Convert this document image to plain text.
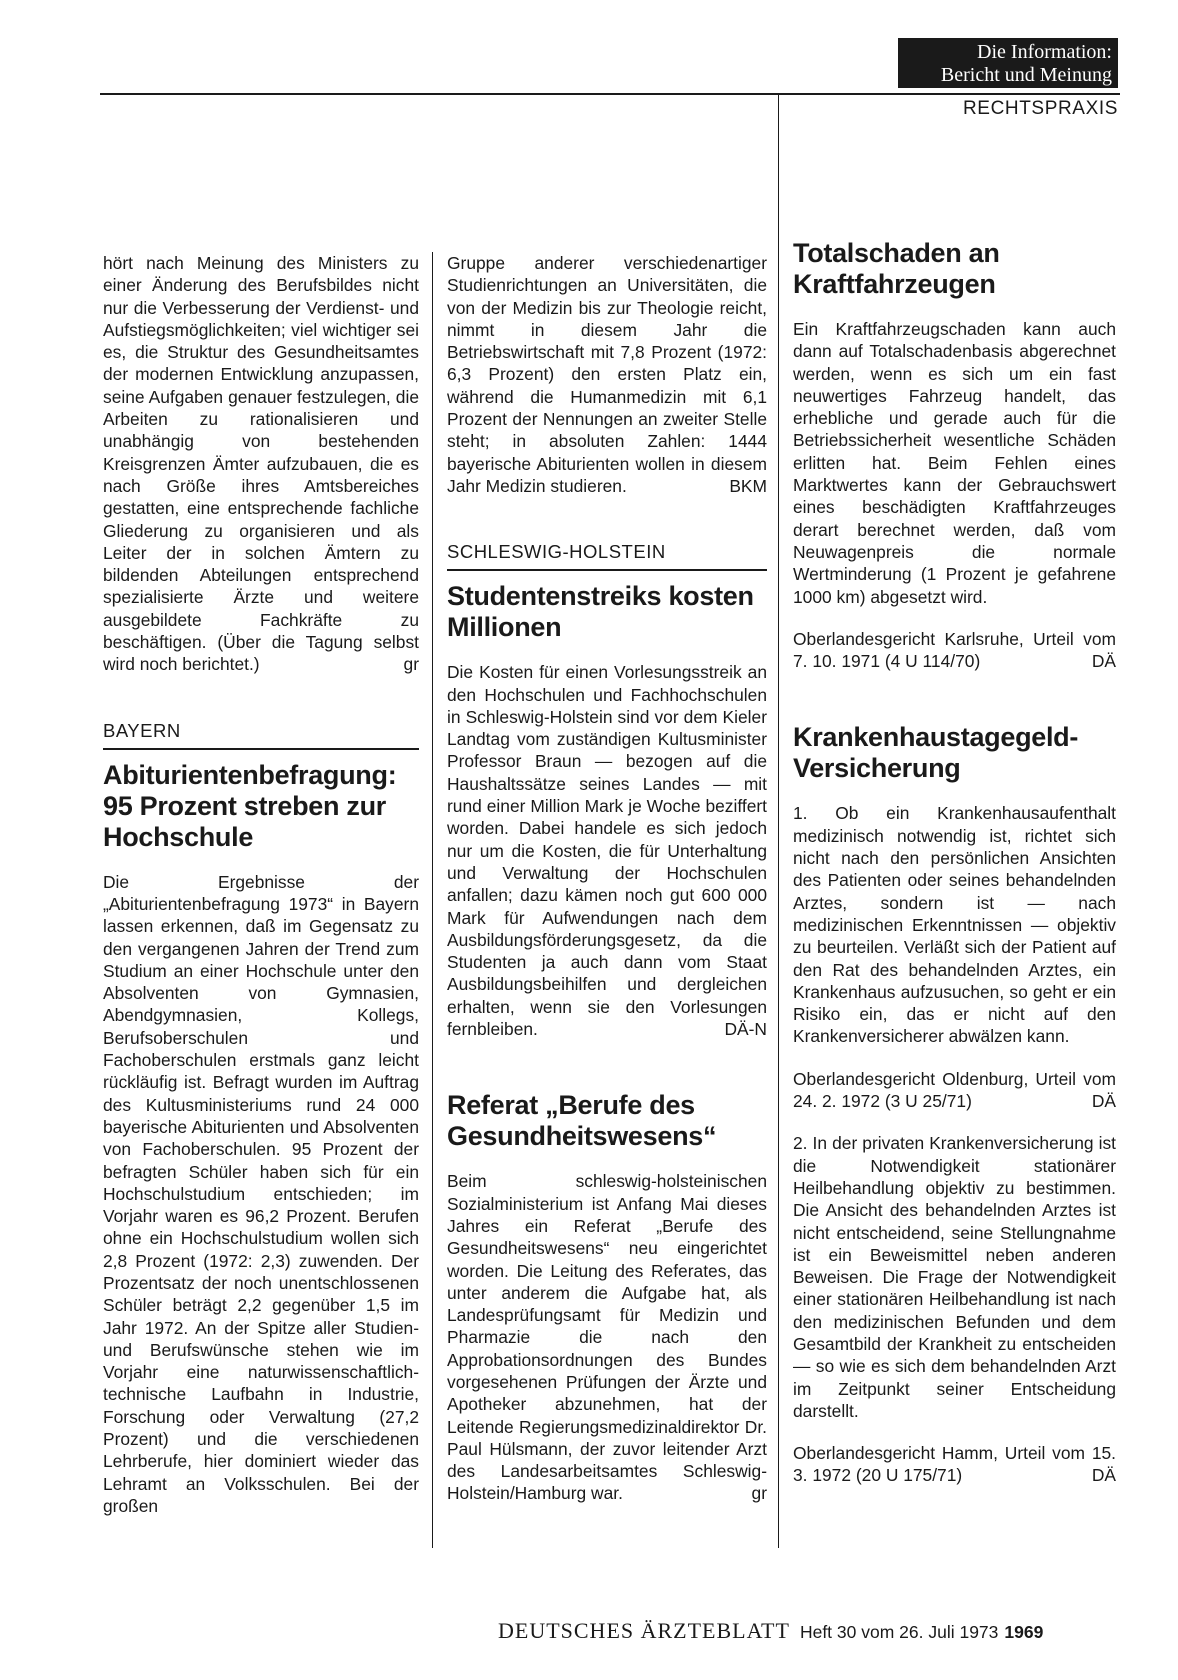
Die Information:
Bericht und Meinung
RECHTSPRAXIS

hört nach Meinung des Ministers zu einer Änderung des Berufsbildes nicht nur die Verbesserung der Verdienst- und Aufstiegsmöglichkeiten; viel wichtiger sei es, die Struktur des Gesundheitsamtes der modernen Entwicklung anzupassen, seine Aufgaben genauer festzulegen, die Arbeiten zu rationalisieren und unabhängig von bestehenden Kreisgrenzen Ämter aufzubauen, die es nach Größe ihres Amtsbereiches gestatten, eine entsprechende fachliche Gliederung zu organisieren und als Leiter der in solchen Ämtern zu bildenden Abteilungen entsprechend spezialisierte Ärzte und weitere ausgebildete Fachkräfte zu beschäftigen. (Über die Tagung selbst wird noch berichtet.)	gr

BAYERN
Abiturientenbefragung: 95 Prozent streben zur Hochschule

Die Ergebnisse der „Abiturientenbefragung 1973“ in Bayern lassen erkennen, daß im Gegensatz zu den vergangenen Jahren der Trend zum Studium an einer Hochschule unter den Absolventen von Gymnasien, Abendgymnasien, Kollegs, Berufsoberschulen und Fachoberschulen erstmals ganz leicht rückläufig ist. Befragt wurden im Auftrag des Kultusministeriums rund 24 000 bayerische Abiturienten und Absolventen von Fachoberschulen. 95 Prozent der befragten Schüler haben sich für ein Hochschulstudium entschieden; im Vorjahr waren es 96,2 Prozent. Berufen ohne ein Hochschulstudium wollen sich 2,8 Prozent (1972: 2,3) zuwenden. Der Prozentsatz der noch unentschlossenen Schüler beträgt 2,2 gegenüber 1,5 im Jahr 1972. An der Spitze aller Studien- und Berufswünsche stehen wie im Vorjahr eine naturwissenschaftlich-technische Laufbahn in Industrie, Forschung oder Verwaltung (27,2 Prozent) und die verschiedenen Lehrberufe, hier dominiert wieder das Lehramt an Volksschulen. Bei der großen

Gruppe anderer verschiedenartiger Studienrichtungen an Universitäten, die von der Medizin bis zur Theologie reicht, nimmt in diesem Jahr die Betriebswirtschaft mit 7,8 Prozent (1972: 6,3 Prozent) den ersten Platz ein, während die Humanmedizin mit 6,1 Prozent der Nennungen an zweiter Stelle steht; in absoluten Zahlen: 1444 bayerische Abiturienten wollen in diesem Jahr Medizin studieren.	BKM

SCHLESWIG-HOLSTEIN
Studentenstreiks kosten Millionen

Die Kosten für einen Vorlesungsstreik an den Hochschulen und Fachhochschulen in Schleswig-Holstein sind vor dem Kieler Landtag vom zuständigen Kultusminister Professor Braun — bezogen auf die Haushaltssätze seines Landes — mit rund einer Million Mark je Woche beziffert worden. Dabei handele es sich jedoch nur um die Kosten, die für Unterhaltung und Verwaltung der Hochschulen anfallen; dazu kämen noch gut 600 000 Mark für Aufwendungen nach dem Ausbildungsförderungsgesetz, da die Studenten ja auch dann vom Staat Ausbildungsbeihilfen und dergleichen erhalten, wenn sie den Vorlesungen fernbleiben.	DÄ-N

Referat „Berufe des Gesundheitswesens“

Beim schleswig-holsteinischen Sozialministerium ist Anfang Mai dieses Jahres ein Referat „Berufe des Gesundheitswesens“ neu eingerichtet worden. Die Leitung des Referates, das unter anderem die Aufgabe hat, als Landesprüfungsamt für Medizin und Pharmazie die nach den Approbationsordnungen des Bundes vorgesehenen Prüfungen der Ärzte und Apotheker abzunehmen, hat der Leitende Regierungsmedizinaldirektor Dr. Paul Hülsmann, der zuvor leitender Arzt des Landesarbeitsamtes Schleswig-Holstein/Hamburg war.	gr

Totalschaden an Kraftfahrzeugen

Ein Kraftfahrzeugschaden kann auch dann auf Totalschadenbasis abgerechnet werden, wenn es sich um ein fast neuwertiges Fahrzeug handelt, das erhebliche und gerade auch für die Betriebssicherheit wesentliche Schäden erlitten hat. Beim Fehlen eines Marktwertes kann der Gebrauchswert eines beschädigten Kraftfahrzeuges derart berechnet werden, daß vom Neuwagenpreis die normale Wertminderung (1 Prozent je gefahrene 1000 km) abgesetzt wird.

Oberlandesgericht Karlsruhe, Urteil vom 7. 10. 1971 (4 U 114/70)	DÄ

Krankenhaustagegeld-Versicherung

1. Ob ein Krankenhausaufenthalt medizinisch notwendig ist, richtet sich nicht nach den persönlichen Ansichten des Patienten oder seines behandelnden Arztes, sondern ist — nach medizinischen Erkenntnissen — objektiv zu beurteilen. Verläßt sich der Patient auf den Rat des behandelnden Arztes, ein Krankenhaus aufzusuchen, so geht er ein Risiko ein, das er nicht auf den Krankenversicherer abwälzen kann.

Oberlandesgericht Oldenburg, Urteil vom 24. 2. 1972 (3 U 25/71)	DÄ

2. In der privaten Krankenversicherung ist die Notwendigkeit stationärer Heilbehandlung objektiv zu bestimmen. Die Ansicht des behandelnden Arztes ist nicht entscheidend, seine Stellungnahme ist ein Beweismittel neben anderen Beweisen. Die Frage der Notwendigkeit einer stationären Heilbehandlung ist nach den medizinischen Befunden und dem Gesamtbild der Krankheit zu entscheiden — so wie es sich dem behandelnden Arzt im Zeitpunkt seiner Entscheidung darstellt.

Oberlandesgericht Hamm, Urteil vom 15. 3. 1972 (20 U 175/71)	DÄ

DEUTSCHES ÄRZTEBLATT Heft 30 vom 26. Juli 1973 1969
